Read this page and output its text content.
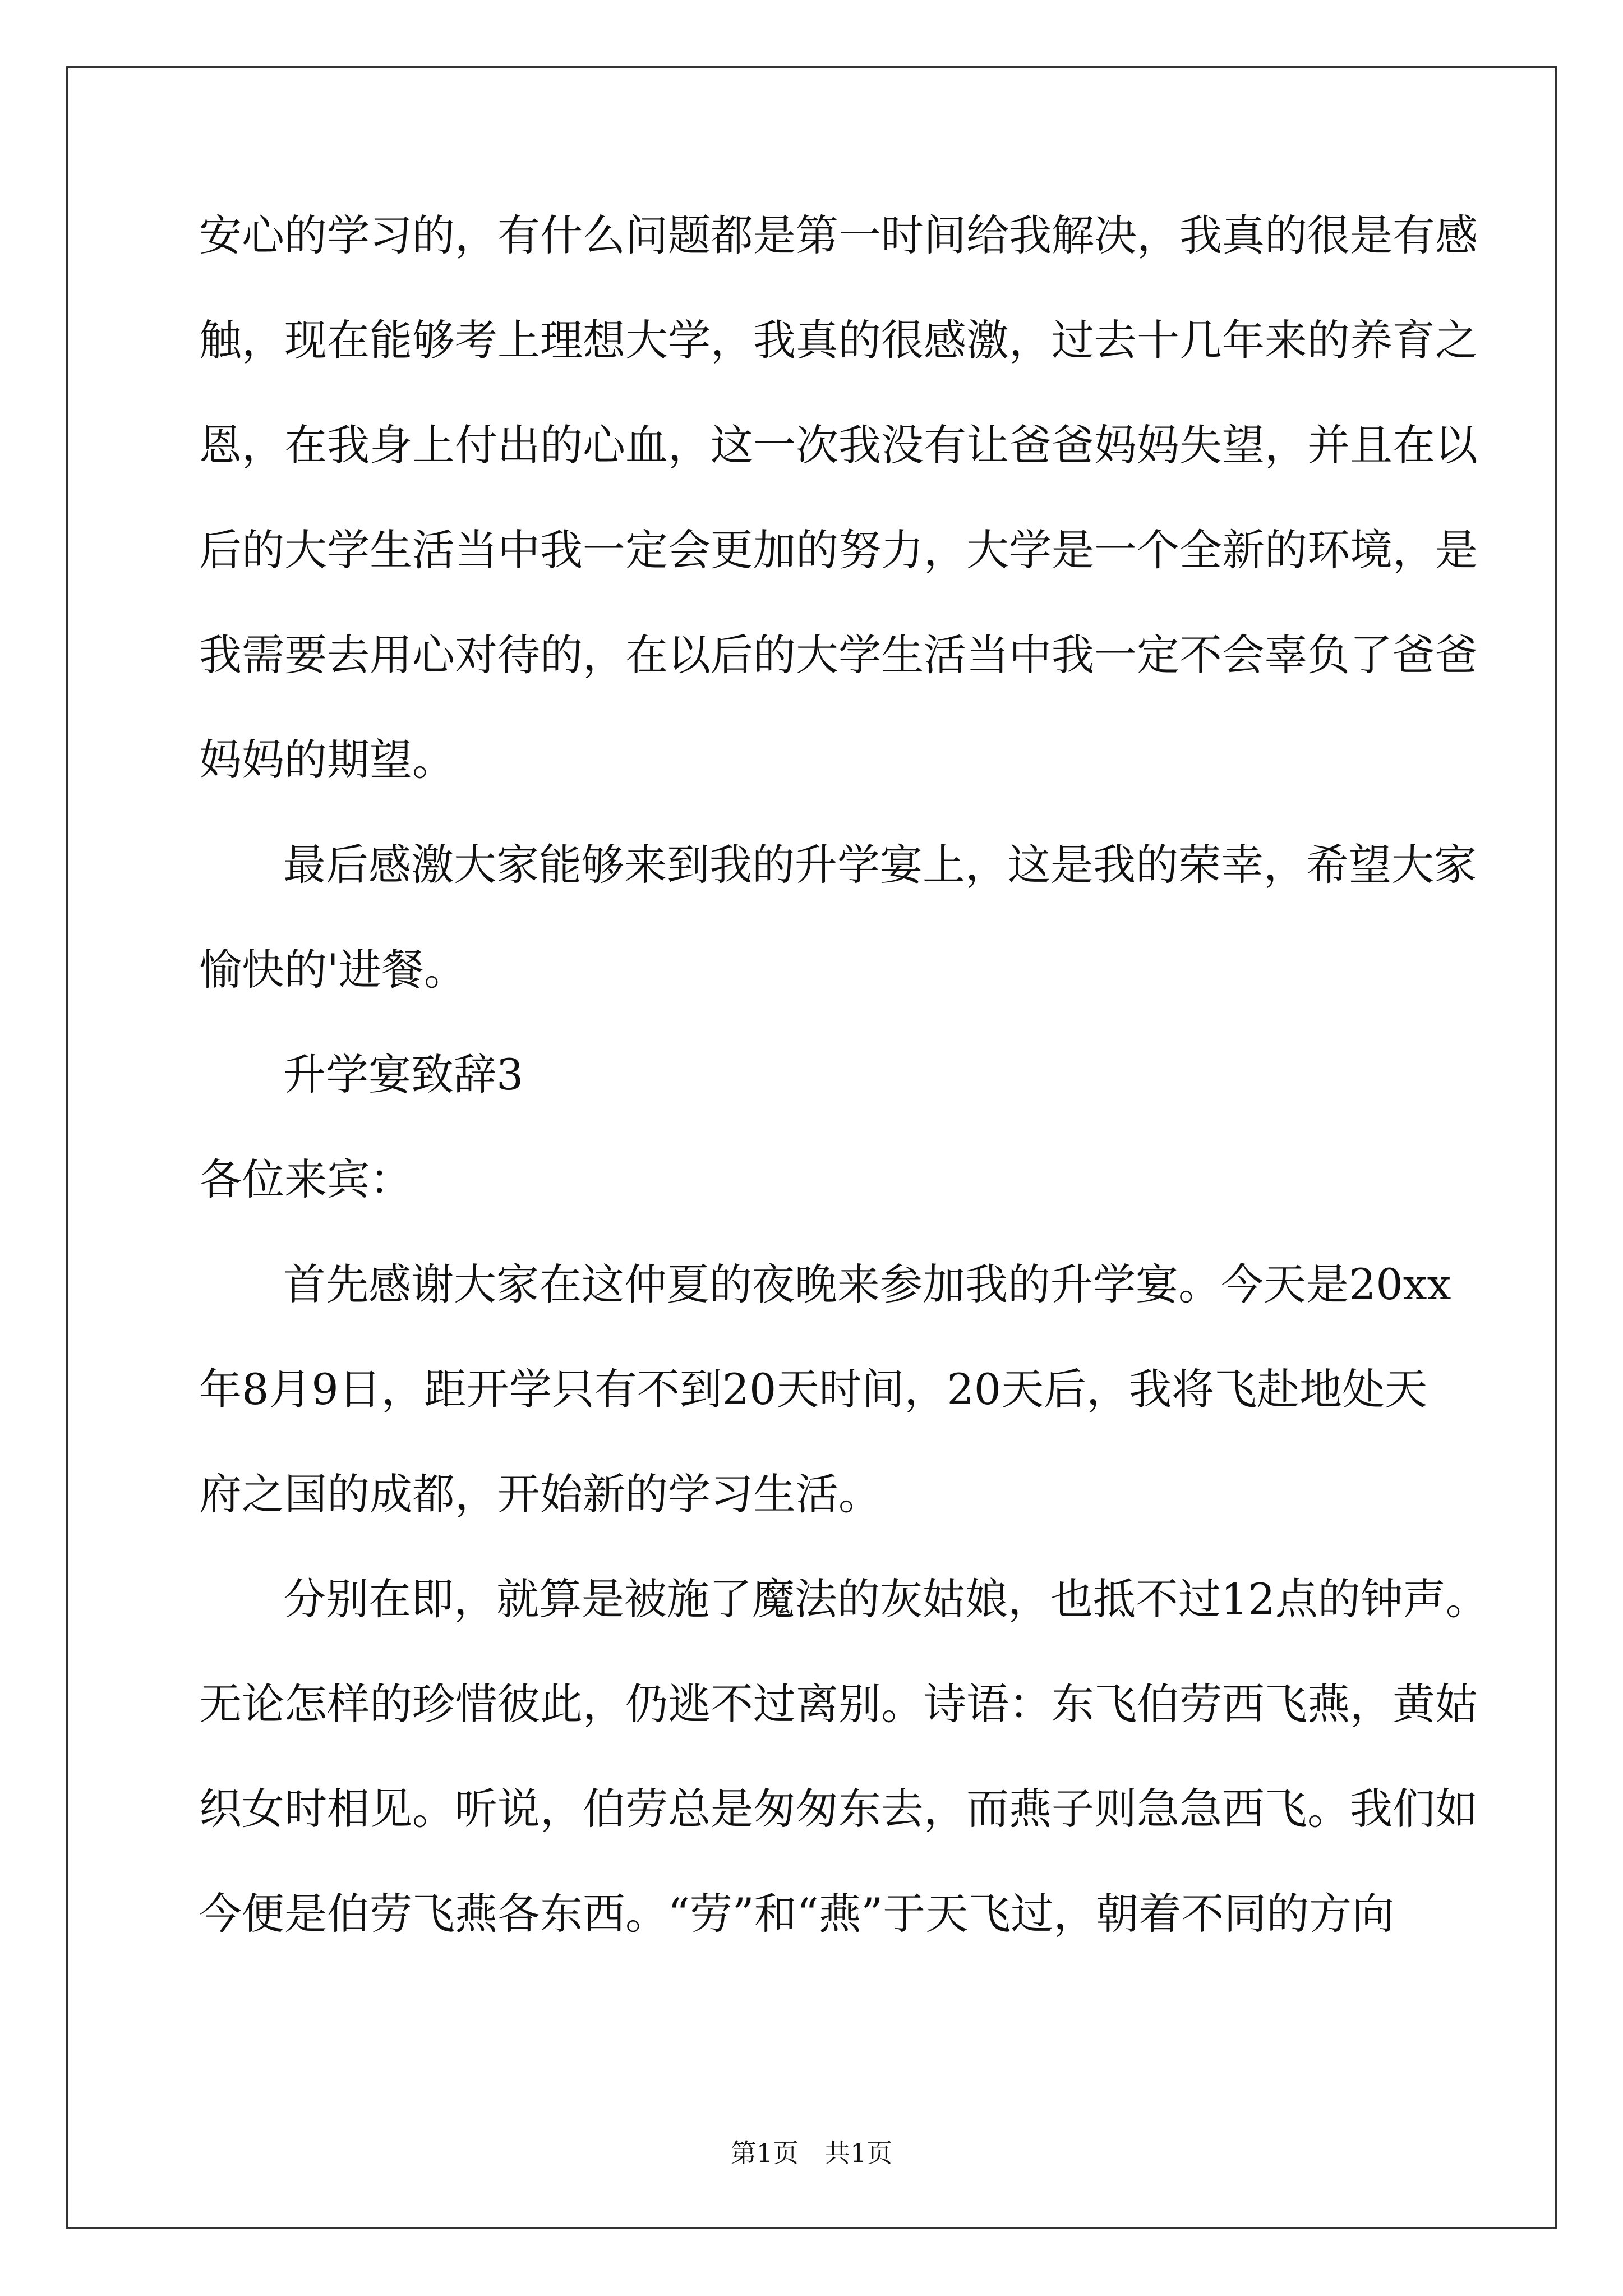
安心的学习的，有什么问题都是第一时间给我解决，我真的很是有感
触，现在能够考上理想大学，我真的很感激，过去十几年来的养育之
恩，在我身上付出的心血，这一次我没有让爸爸妈妈失望，并且在以
后的大学生活当中我一定会更加的努力，大学是一个全新的环境，是
我需要去用心对待的，在以后的大学生活当中我一定不会辜负了爸爸
妈妈的期望。
最后感激大家能够来到我的升学宴上，这是我的荣幸，希望大家
愉快的'进餐。
升学宴致辞3
各位来宾：
首先感谢大家在这仲夏的夜晚来参加我的升学宴。今天是20xx
年8月9日，距开学只有不到20天时间，20天后，我将飞赴地处天
府之国的成都，开始新的学习生活。
分别在即，就算是被施了魔法的灰姑娘，也抵不过12点的钟声。
无论怎样的珍惜彼此，仍逃不过离别。诗语：东飞伯劳西飞燕，黄姑
织女时相见。听说，伯劳总是匆匆东去，而燕子则急急西飞。我们如
今便是伯劳飞燕各东西。“劳”和“燕”于天飞过，朝着不同的方向
第1页　共1页
